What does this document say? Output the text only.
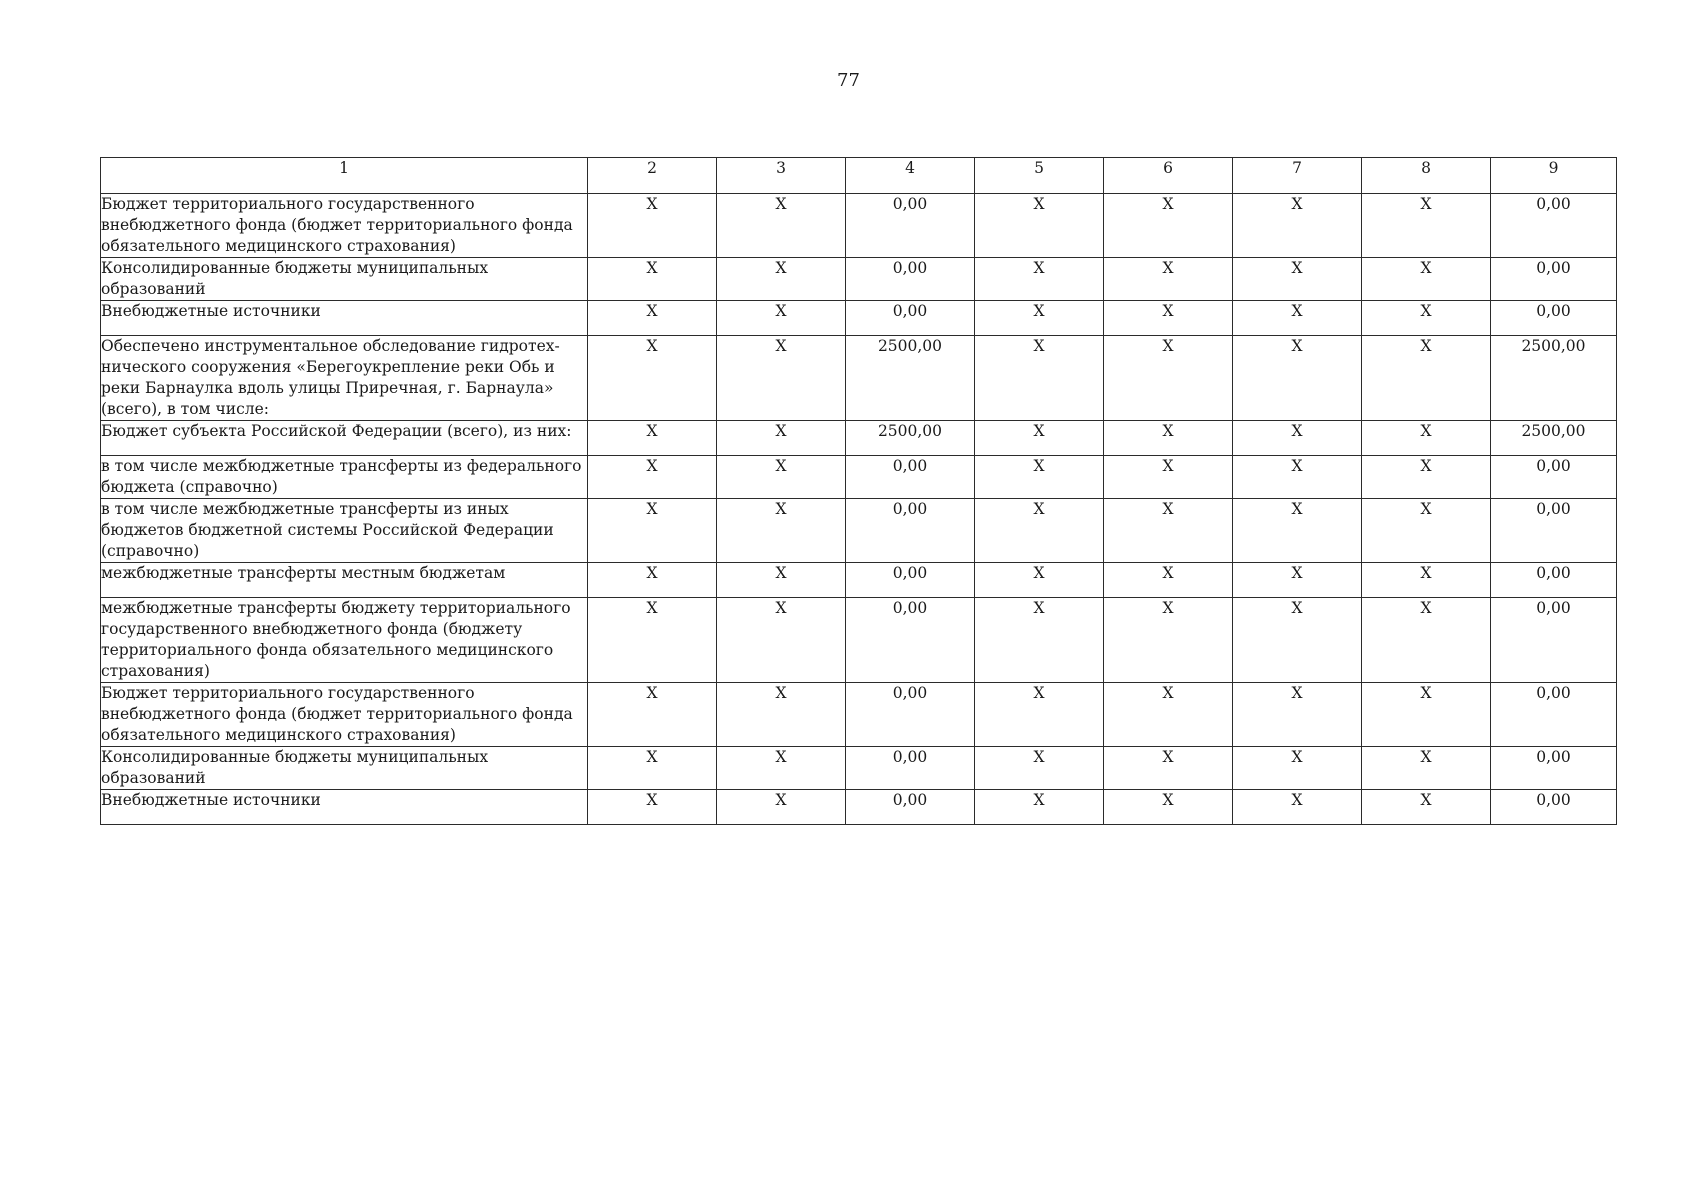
77
1	2	3	4	5	6	7	8	9
Бюджет территориального государственного внебюджетного фонда (бюджет территориального фонда обязательного медицинского страхования)	X	X	0,00	X	X	X	X	0,00
Консолидированные бюджеты муниципальных образований	X	X	0,00	X	X	X	X	0,00
Внебюджетные источники	X	X	0,00	X	X	X	X	0,00
Обеспечено инструментальное обследование гидротех-нического сооружения «Берегоукрепление реки Обь и реки Барнаулка вдоль улицы Приречная, г. Барнаула» (всего), в том числе:	X	X	2500,00	X	X	X	X	2500,00
Бюджет субъекта Российской Федерации (всего), из них:	X	X	2500,00	X	X	X	X	2500,00
в том числе межбюджетные трансферты из федерального бюджета (справочно)	X	X	0,00	X	X	X	X	0,00
в том числе межбюджетные трансферты из иных бюджетов бюджетной системы Российской Федерации (справочно)	X	X	0,00	X	X	X	X	0,00
межбюджетные трансферты местным бюджетам	X	X	0,00	X	X	X	X	0,00
межбюджетные трансферты бюджету территориального государственного внебюджетного фонда (бюджету территориального фонда обязательного медицинского страхования)	X	X	0,00	X	X	X	X	0,00
Бюджет территориального государственного внебюджетного фонда (бюджет территориального фонда обязательного медицинского страхования)	X	X	0,00	X	X	X	X	0,00
Консолидированные бюджеты муниципальных образований	X	X	0,00	X	X	X	X	0,00
Внебюджетные источники	X	X	0,00	X	X	X	X	0,00
